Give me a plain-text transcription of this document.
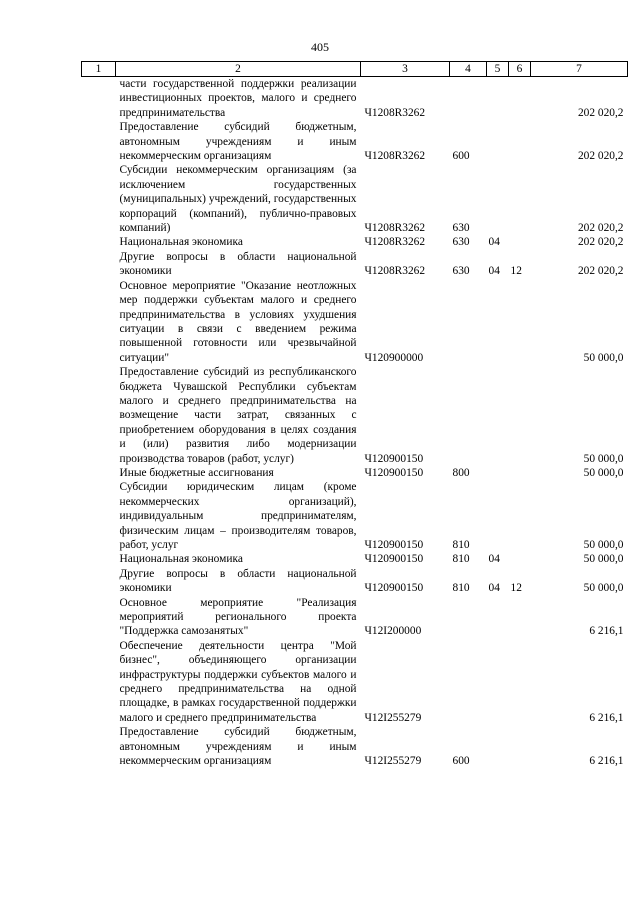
405
1	2	3	4	5	6	7
	части государственной поддержки реализации инвестиционных проектов, малого и среднего предпринимательства	Ч1208R3262				202 020,2
	Предоставление субсидий бюджетным, автономным учреждениям и иным некоммерческим организациям	Ч1208R3262	600			202 020,2
	Субсидии некоммерческим организациям (за исключением государственных (муниципальных) учреждений, государственных корпораций (компаний), публично-правовых компаний)	Ч1208R3262	630			202 020,2
	Национальная экономика	Ч1208R3262	630	04		202 020,2
	Другие вопросы в области национальной экономики	Ч1208R3262	630	04	12	202 020,2
	Основное мероприятие "Оказание неотложных мер поддержки субъектам малого и среднего предпринимательства в условиях ухудшения ситуации в связи с введением режима повышенной готовности или чрезвычайной ситуации"	Ч120900000				50 000,0
	Предоставление субсидий из республиканского бюджета Чувашской Республики субъектам малого и среднего предпринимательства на возмещение части затрат, связанных с приобретением оборудования в целях создания и (или) развития либо модернизации производства товаров (работ, услуг)	Ч120900150				50 000,0
	Иные бюджетные ассигнования	Ч120900150	800			50 000,0
	Субсидии юридическим лицам (кроме некоммерческих организаций), индивидуальным предпринимателям, физическим лицам – производителям товаров, работ, услуг	Ч120900150	810			50 000,0
	Национальная экономика	Ч120900150	810	04		50 000,0
	Другие вопросы в области национальной экономики	Ч120900150	810	04	12	50 000,0
	Основное мероприятие "Реализация мероприятий регионального проекта "Поддержка самозанятых"	Ч12I200000				6 216,1
	Обеспечение деятельности центра "Мой бизнес", объединяющего организации инфраструктуры поддержки субъектов малого и среднего предпринимательства на одной площадке, в рамках государственной поддержки малого и среднего предпринимательства	Ч12I255279				6 216,1
	Предоставление субсидий бюджетным, автономным учреждениям и иным некоммерческим организациям	Ч12I255279	600			6 216,1
